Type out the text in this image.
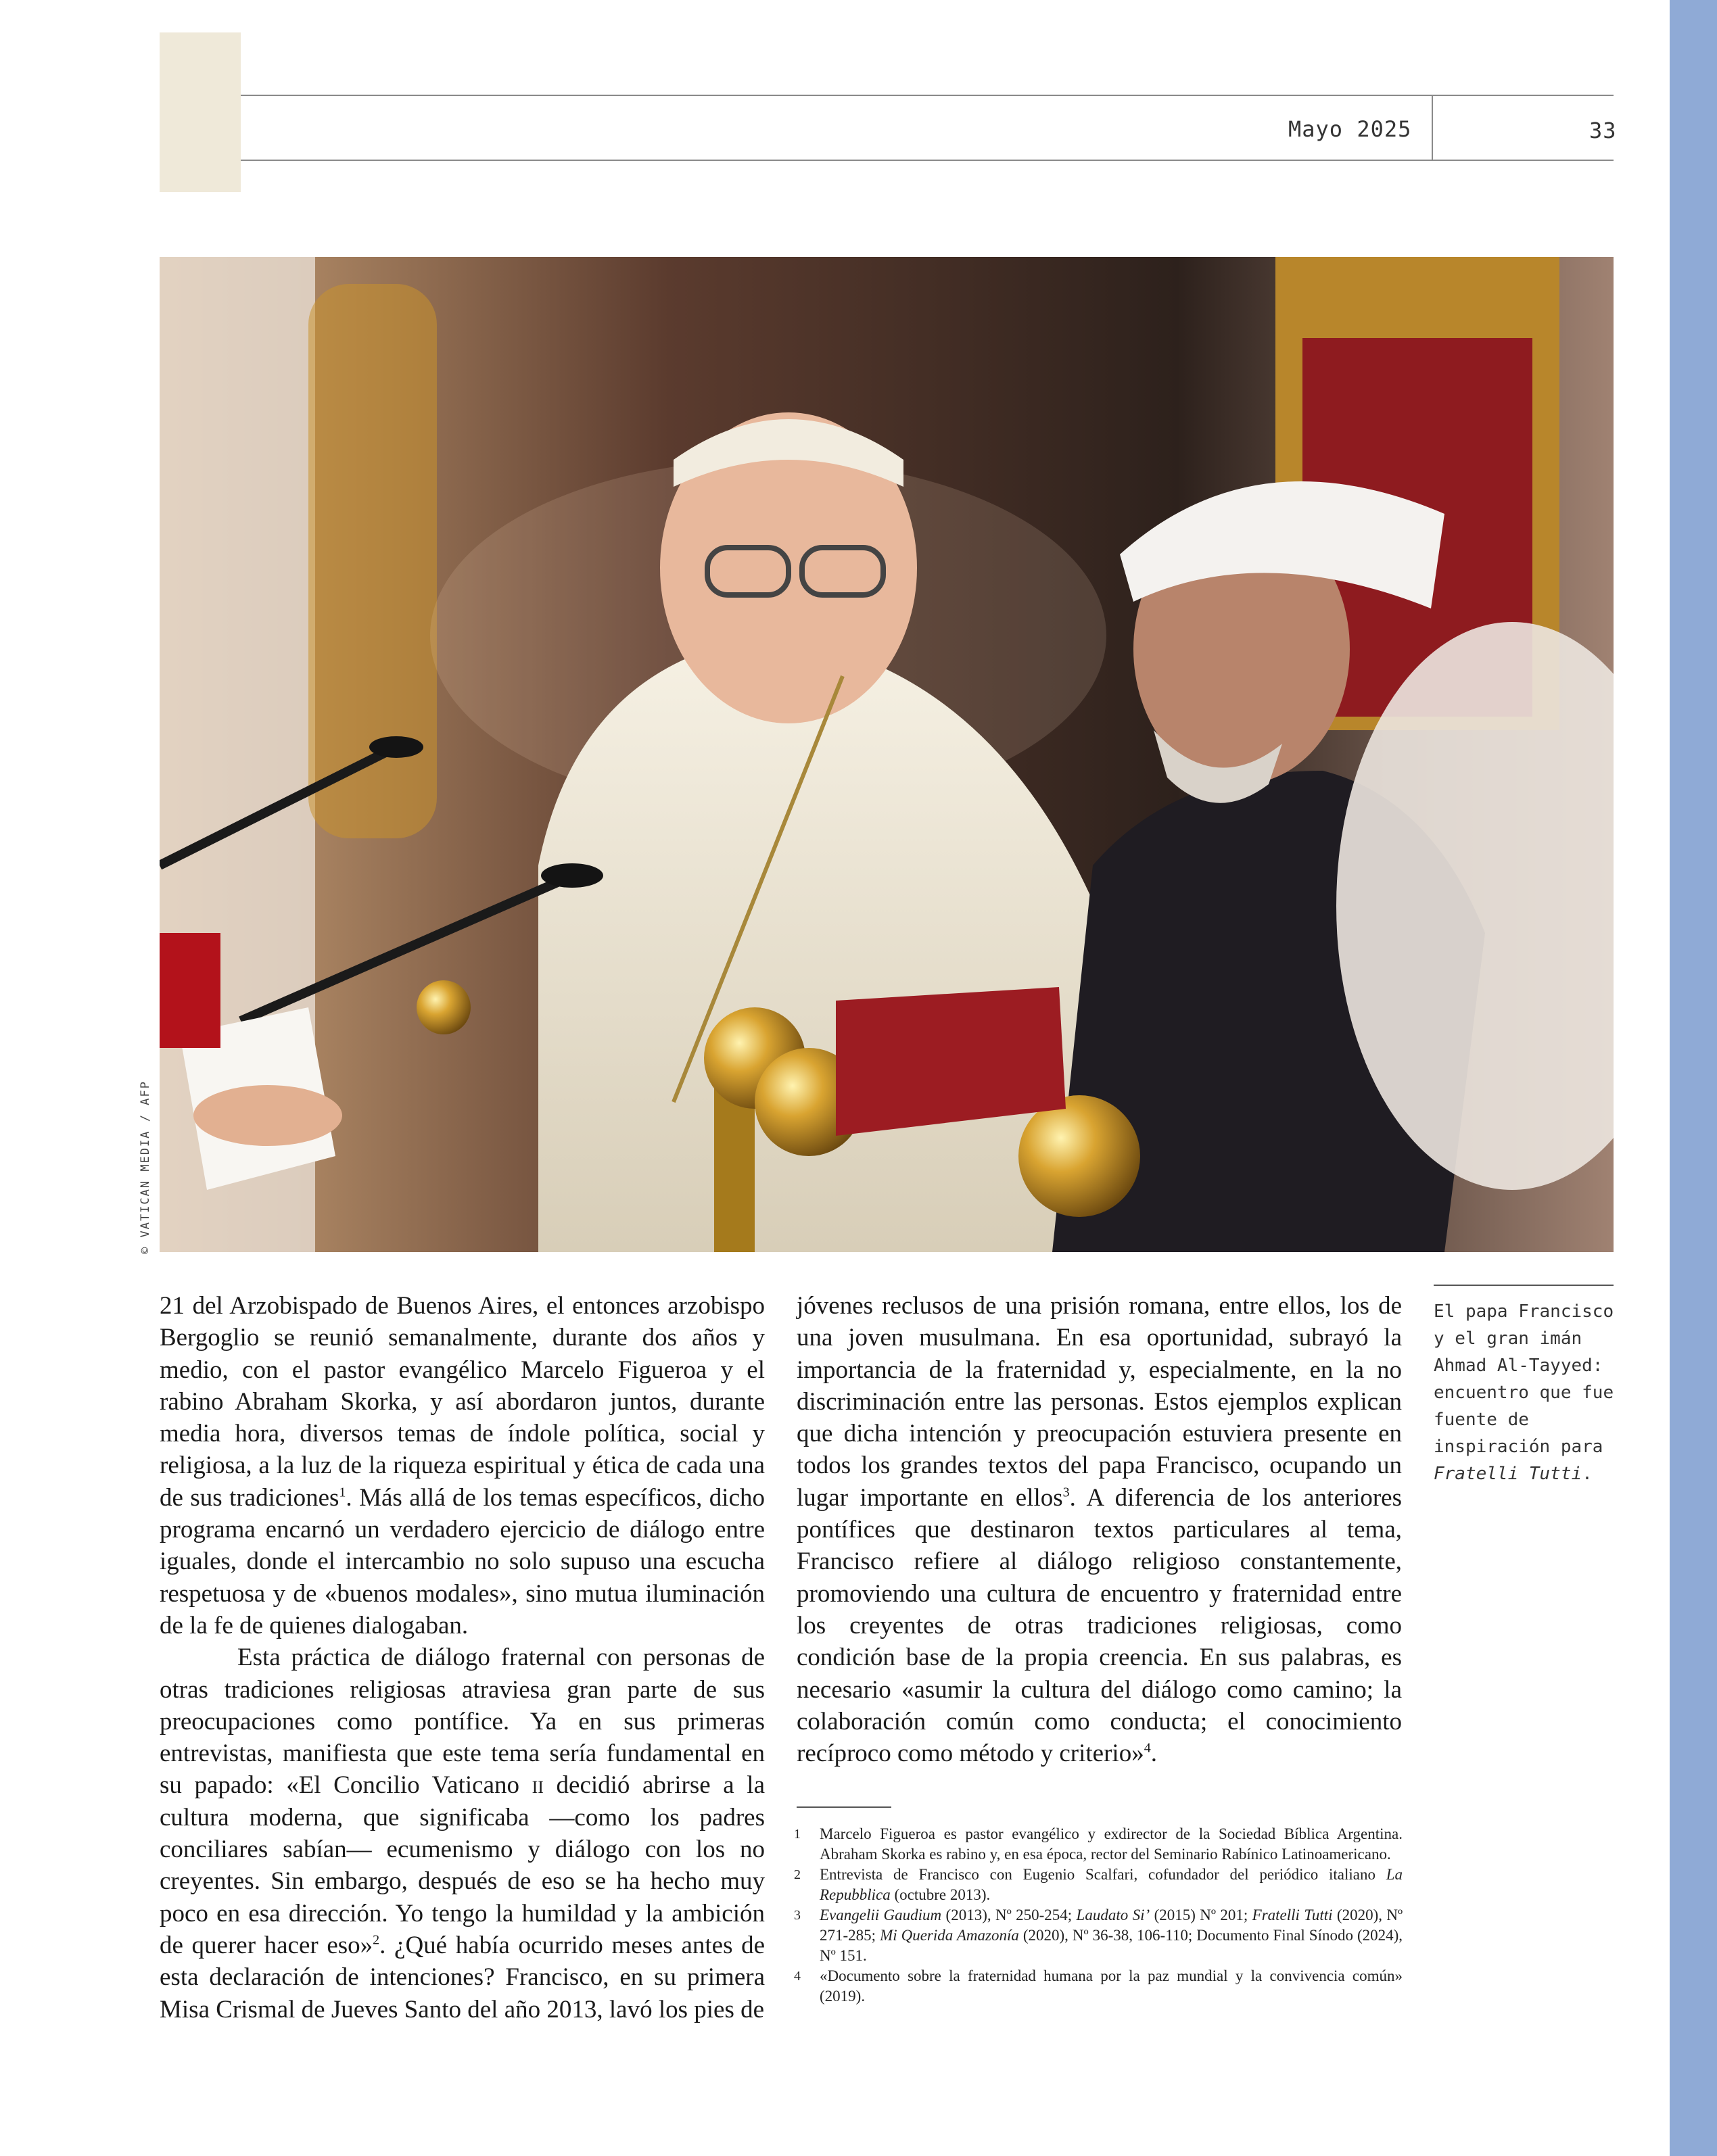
Mayo 2025	33
© VATICAN MEDIA / AFP
El papa Francisco y el gran imán Ahmad Al-Tayyed: encuentro que fue fuente de inspiración para Fratelli Tutti.

21 del Arzobispado de Buenos Aires, el entonces arzobispo Bergoglio se reunió semanalmente, durante dos años y medio, con el pastor evangélico Marcelo Figueroa y el rabino Abraham Skorka, y así abordaron juntos, durante media hora, diversos temas de índole política, social y religiosa, a la luz de la riqueza espiritual y ética de cada una de sus tradiciones$^1$. Más allá de los temas específicos, dicho programa encarnó un verdadero ejercicio de diálogo entre iguales, donde el intercambio no solo supuso una escucha respetuosa y de «buenos modales», sino mutua iluminación de la fe de quienes dialogaban.

Esta práctica de diálogo fraternal con personas de otras tradiciones religiosas atraviesa gran parte de sus preocupaciones como pontífice. Ya en sus primeras entrevistas, manifiesta que este tema sería fundamental en su papado: «El Concilio Vaticano ii decidió abrirse a la cultura moderna, que significaba —como los padres conciliares sabían— ecumenismo y diálogo con los no creyentes. Sin embargo, después de eso se ha hecho muy poco en esa dirección. Yo tengo la humildad y la ambición de querer hacer eso»$^2$. ¿Qué había ocurrido meses antes de esta declaración de intenciones? Francisco, en su primera Misa Crismal de Jueves Santo del año 2013, lavó los pies de

jóvenes reclusos de una prisión romana, entre ellos, los de una joven musulmana. En esa oportunidad, subrayó la importancia de la fraternidad y, especialmente, en la no discriminación entre las personas. Estos ejemplos explican que dicha intención y preocupación estuviera presente en todos los grandes textos del papa Francisco, ocupando un lugar importante en ellos$^3$. A diferencia de los anteriores pontífices que destinaron textos particulares al tema, Francisco refiere al diálogo religioso constantemente, promoviendo una cultura de encuentro y fraternidad entre los creyentes de otras tradiciones religiosas, como condición base de la propia creencia. En sus palabras, es necesario «asumir la cultura del diálogo como camino; la colaboración común como conducta; el conocimiento recíproco como método y criterio»$^4$.

1	Marcelo Figueroa es pastor evangélico y exdirector de la Sociedad Bíblica Argentina. Abraham Skorka es rabino y, en esa época, rector del Seminario Rabínico Latinoamericano.
2	Entrevista de Francisco con Eugenio Scalfari, cofundador del periódico italiano La Repubblica (octubre 2013).
3	Evangelii Gaudium (2013), Nº 250-254; Laudato Si’ (2015) Nº 201; Fratelli Tutti (2020), Nº 271-285; Mi Querida Amazonía (2020), Nº 36-38, 106-110; Documento Final Sínodo (2024), Nº 151.
4	«Documento sobre la fraternidad humana por la paz mundial y la convivencia común» (2019).
